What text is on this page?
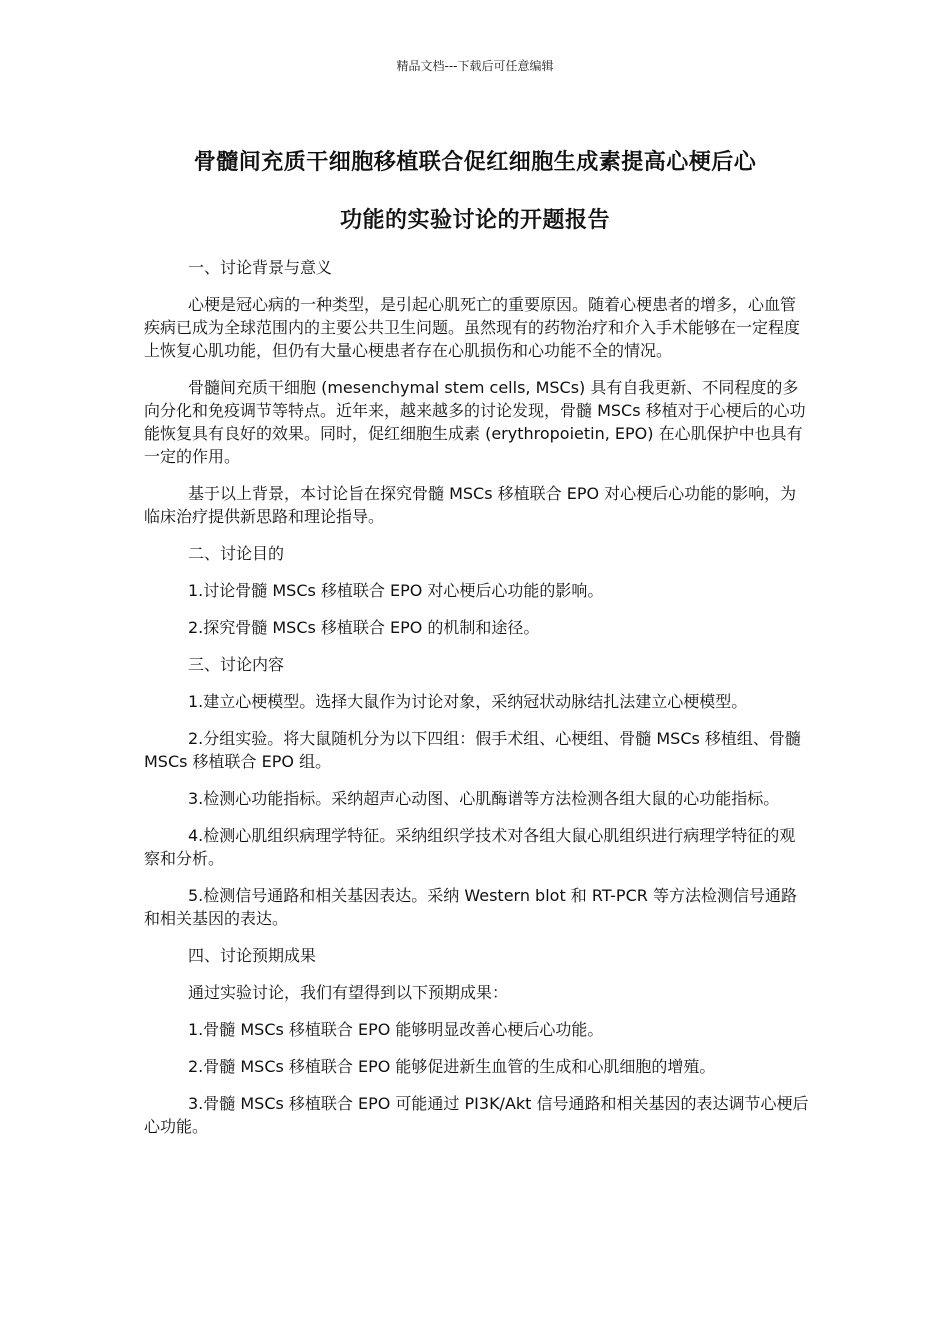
精品文档---下载后可任意编辑
骨髓间充质干细胞移植联合促红细胞生成素提高心梗后心
功能的实验讨论的开题报告

一、讨论背景与意义

心梗是冠心病的一种类型，是引起心肌死亡的重要原因。随着心梗患者的增多，心血管疾病已成为全球范围内的主要公共卫生问题。虽然现有的药物治疗和介入手术能够在一定程度上恢复心肌功能，但仍有大量心梗患者存在心肌损伤和心功能不全的情况。

骨髓间充质干细胞 (mesenchymal stem cells, MSCs) 具有自我更新、不同程度的多向分化和免疫调节等特点。近年来，越来越多的讨论发现，骨髓 MSCs 移植对于心梗后的心功能恢复具有良好的效果。同时，促红细胞生成素 (erythropoietin, EPO) 在心肌保护中也具有一定的作用。

基于以上背景，本讨论旨在探究骨髓 MSCs 移植联合 EPO 对心梗后心功能的影响，为临床治疗提供新思路和理论指导。

二、讨论目的

1.讨论骨髓 MSCs 移植联合 EPO 对心梗后心功能的影响。

2.探究骨髓 MSCs 移植联合 EPO 的机制和途径。

三、讨论内容

1.建立心梗模型。选择大鼠作为讨论对象，采纳冠状动脉结扎法建立心梗模型。

2.分组实验。将大鼠随机分为以下四组：假手术组、心梗组、骨髓 MSCs 移植组、骨髓 MSCs 移植联合 EPO 组。

3.检测心功能指标。采纳超声心动图、心肌酶谱等方法检测各组大鼠的心功能指标。

4.检测心肌组织病理学特征。采纳组织学技术对各组大鼠心肌组织进行病理学特征的观察和分析。

5.检测信号通路和相关基因表达。采纳 Western blot 和 RT-PCR 等方法检测信号通路和相关基因的表达。

四、讨论预期成果

通过实验讨论，我们有望得到以下预期成果：

1.骨髓 MSCs 移植联合 EPO 能够明显改善心梗后心功能。

2.骨髓 MSCs 移植联合 EPO 能够促进新生血管的生成和心肌细胞的增殖。

3.骨髓 MSCs 移植联合 EPO 可能通过 PI3K/Akt 信号通路和相关基因的表达调节心梗后心功能。
